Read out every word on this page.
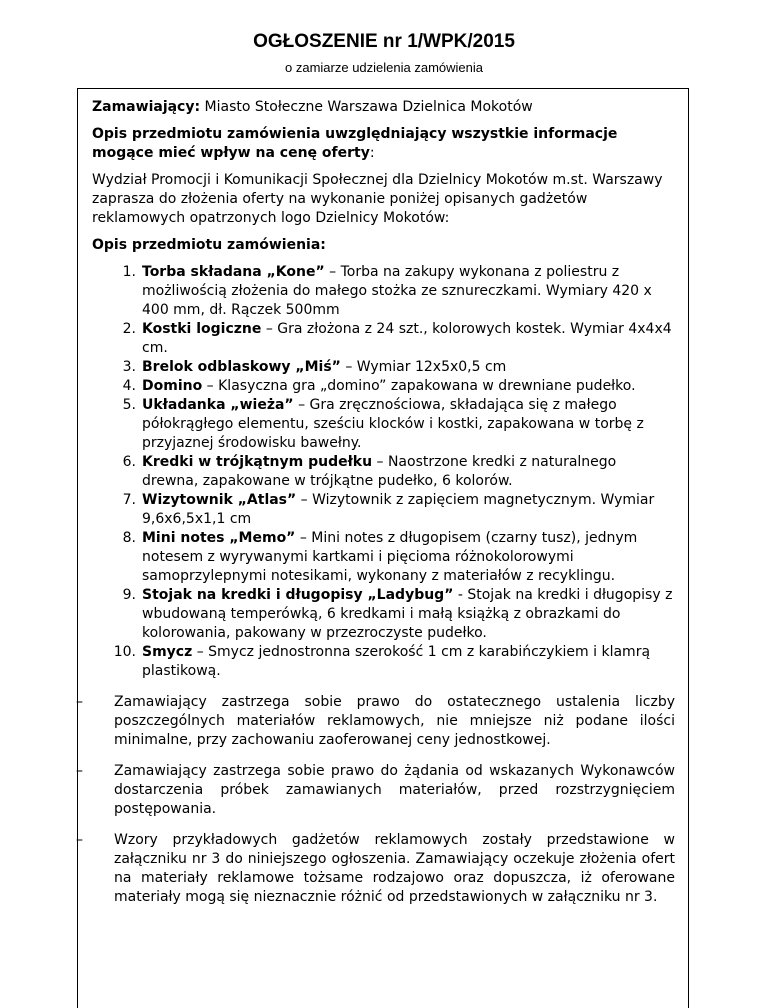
OGŁOSZENIE nr 1/WPK/2015

o zamiarze udzielenia zamówienia

Zamawiający: Miasto Stołeczne Warszawa Dzielnica Mokotów

Opis przedmiotu zamówienia uwzględniający wszystkie informacje mogące mieć wpływ na cenę oferty:

Wydział Promocji i Komunikacji Społecznej dla Dzielnicy Mokotów m.st. Warszawy zaprasza do złożenia oferty na wykonanie poniżej opisanych gadżetów reklamowych opatrzonych logo Dzielnicy Mokotów:

Opis przedmiotu zamówienia:

1. Torba składana „Kone” – Torba na zakupy wykonana z poliestru z możliwością złożenia do małego stożka ze sznureczkami. Wymiary 420 x 400 mm, dł. Rączek 500mm
2. Kostki logiczne – Gra złożona z 24 szt., kolorowych kostek. Wymiar 4x4x4 cm.
3. Brelok odblaskowy „Miś” – Wymiar 12x5x0,5 cm
4. Domino – Klasyczna gra „domino” zapakowana w drewniane pudełko.
5. Układanka „wieża” – Gra zręcznościowa, składająca się z małego półokrągłego elementu, sześciu klocków i kostki, zapakowana w torbę z przyjaznej środowisku bawełny.
6. Kredki w trójkątnym pudełku – Naostrzone kredki z naturalnego drewna, zapakowane w trójkątne pudełko, 6 kolorów.
7. Wizytownik „Atlas” – Wizytownik z zapięciem magnetycznym. Wymiar 9,6x6,5x1,1 cm
8. Mini notes „Memo” – Mini notes z długopisem (czarny tusz), jednym notesem z wyrywanymi kartkami i pięcioma różnokolorowymi samoprzylepnymi notesikami, wykonany z materiałów z recyklingu.
9. Stojak na kredki i długopisy „Ladybug” - Stojak na kredki i długopisy z wbudowaną temperówką, 6 kredkami i małą książką z obrazkami do kolorowania, pakowany w przezroczyste pudełko.
10. Smycz – Smycz jednostronna szerokość 1 cm z karabińczykiem i klamrą plastikową.
– Zamawiający zastrzega sobie prawo do ostatecznego ustalenia liczby poszczególnych materiałów reklamowych, nie mniejsze niż podane ilości minimalne, przy zachowaniu zaoferowanej ceny jednostkowej.
– Zamawiający zastrzega sobie prawo do żądania od wskazanych Wykonawców dostarczenia próbek zamawianych materiałów, przed rozstrzygnięciem postępowania.
– Wzory przykładowych gadżetów reklamowych zostały przedstawione w załączniku nr 3 do niniejszego ogłoszenia. Zamawiający oczekuje złożenia ofert na materiały reklamowe tożsame rodzajowo oraz dopuszcza, iż oferowane materiały mogą się nieznacznie różnić od przedstawionych w załączniku nr 3.
